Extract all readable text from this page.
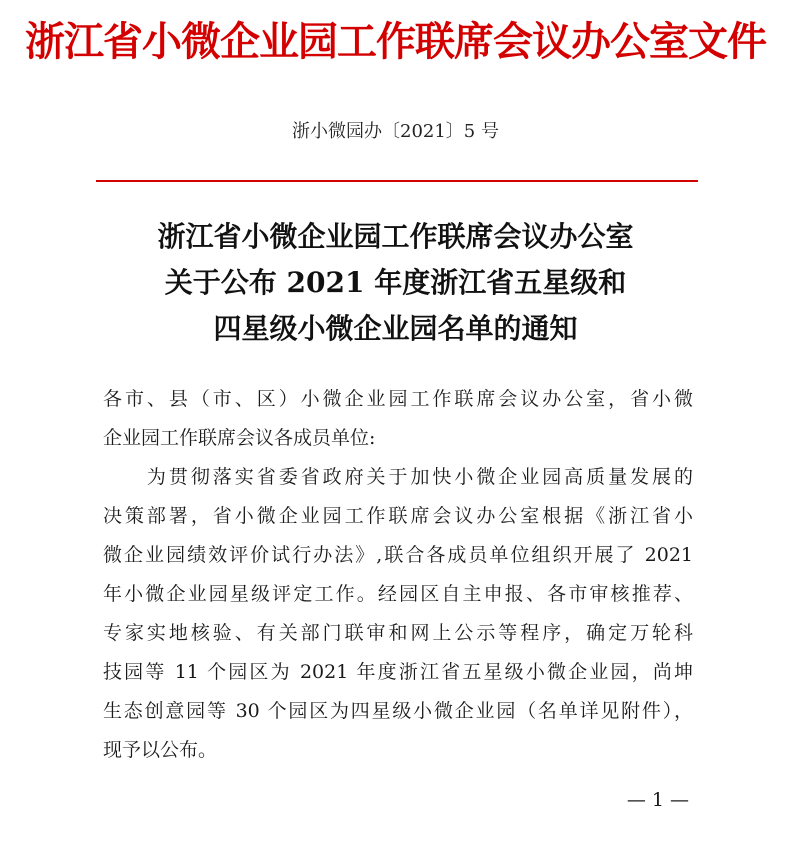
浙江省小微企业园工作联席会议办公室文件
浙小微园办〔2021〕5 号
浙江省小微企业园工作联席会议办公室
关于公布 2021 年度浙江省五星级和
四星级小微企业园名单的通知
各市、县（市、区）小微企业园工作联席会议办公室，省小微
企业园工作联席会议各成员单位:
　　为贯彻落实省委省政府关于加快小微企业园高质量发展的
决策部署，省小微企业园工作联席会议办公室根据《浙江省小
微企业园绩效评价试行办法》,联合各成员单位组织开展了 2021
年小微企业园星级评定工作。经园区自主申报、各市审核推荐、
专家实地核验、有关部门联审和网上公示等程序，确定万轮科
技园等 11 个园区为 2021 年度浙江省五星级小微企业园，尚坤
生态创意园等 30 个园区为四星级小微企业园（名单详见附件），
现予以公布。
— 1 —
